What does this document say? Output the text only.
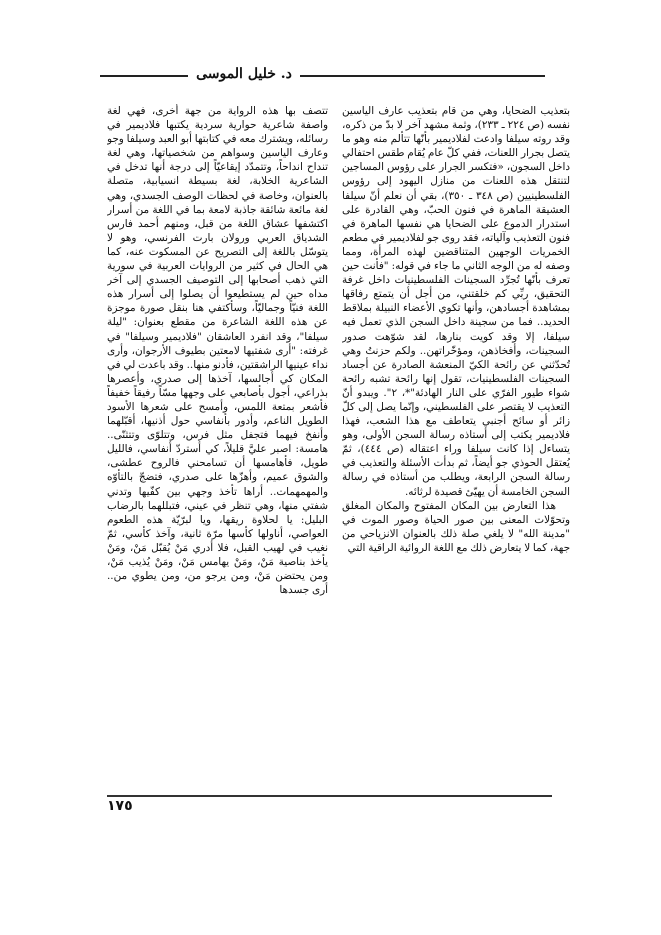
د. خليل الموسى

بتعذيب الضحايا، وهي من قام بتعذيب عارف الياسين نفسه (ص ٢٢٤ ـ ٢٣٣)، وثمة مشهد آخر لا بدّ من ذكره، وقد روته سيلفا وادعت لفلاديمير بأنّها تتألم منه وهو ما يتصل بجرار اللعنات، ففي كلّ عام يُقام طقس احتفالي داخل السجون، «فتكسر الجرار على رؤوس المساجين لتنتقل هذه اللعنات من منازل اليهود إلى رؤوس الفلسطينيين (ص ٣٤٨ ـ ٣٥٠)، بقي أن نعلم أنّ سيلفا العشيقة الماهرة في فنون الحبّ، وهي القادرة على استدرار الدموع على الضحايا هي نفسها الماهرة في فنون التعذيب وآلياته، فقد روى جو لفلاديمير في مطعم الخمريات الوجهين المتناقضين لهذه المرأة، ومما وصفه له من الوجه الثاني ما جاء في قوله: "فأنت حين تعرف بأنّها تُجرِّد السجينات الفلسطينيات داخل غرفة التحقيق، ربِّي كم خلقتني، من أجل أن يتمتع رفاقها بمشاهدة أجسادهن، وأنها تكوي الأعضاء النبيلة بملاقط الحديد.. فما من سجينة داخل السجن الذي تعمل فيه سيلفا، إلا وقد كويت بنارها، لقد شوّهت صدور السجينات، وأفخاذهن، ومؤخّراتهن.. ولكم حزنتُ وهي تُحدّثني عن رائحة الكيّ المنعشة الصادرة عن أجساد السجينات الفلسطينيات، تقول إنها رائحة تشبه رائحة شواء طيور الفرّي على النار الهادئة"*، ٢". ويبدو أنّ التعذيب لا يقتصر على الفلسطيني، وإنّما يصل إلى كلّ زائر أو سائح أجنبي يتعاطف مع هذا الشعب، فهذا فلاديمير يكتب إلى أستاذه رسالة السجن الأولى، وهو يتساءل إذا كانت سيلفا وراء اعتقاله (ص ٤٤٤)، ثمّ يُعتقل الحوذي جو أيضاً، ثم بدأت الأسئلة والتعذيب في رسالة السجن الرابعة، ويطلب من أستاذه في رسالة السجن الخامسة أن يهيّئ قصيدة لرثائه.

هذا التعارض بين المكان المفتوح والمكان المغلق وتحوّلات المعنى بين صور الحياة وصور الموت في "مدينة الله" لا يلغي صلة ذلك بالعنوان الانزياحي من جهة، كما لا يتعارض ذلك مع اللغة الروائية الراقية التي

تتصف بها هذه الرواية من جهة أخرى، فهي لغة واصفة شاعرية حوارية سردية يكتبها فلاديمير في رسائله، ويشترك معه في كتابتها أبو العبد وسيلفا وجو وعارف الياسين وسواهم من شخصياتها، وهي لغة تنداح انداحاً، وتتمدّد إيقاعيّاً إلى درجة أنها تدخل في الشاعرية الخلابة، لغة بسيطة انسيابية، متصلة بالعنوان، وخاصة في لحظات الوصف الجسدي، وهي لغة مائعة شائقة جاذبة لامعة بما في اللغة من أسرار اكتشفها عشاق اللغة من قبل، ومنهم أحمد فارس الشدياق العربي ورولان بارت الفرنسي، وهو لا يتوسّل باللغة إلى التصريح عن المسكوت عنه، كما هي الحال في كثير من الروايات العربية في سورية التي ذهب أصحابها إلى التوصيف الجسدي إلى آخر مداه حين لم يستطيعوا أن يصلوا إلى أسرار هذه اللغة فنيّاً وجماليّاً، وسأكتفي هنا بنقل صورة موجزة عن هذه اللغة الشاعرة من مقطع بعنوان: "ليلة سيلفا"، وقد انفرد العاشقان "فلاديمير وسيلفا" في غرفته: "أرى شفتيها لامعتين بطيوف الأرجوان، وأرى نداء عينيها الراشقتين، فأدنو منها.. وقد باعدت لي في المكان كي أجالسها، آخذها إلى صدري، وأعصرها بذراعي، أجول بأصابعي على وجهها مسّاً رفيقاً خفيفاً فأشعر بمتعة اللمس، وأمسح على شعرها الأسود الطويل الناعم، وأدور بأنفاسي حول أذنيها، أقبّلهما وأنفخ فيهما فتجفل مثل فرس، وتتلوّى وتتثنّى.. هامسة: اصبر عليَّ قليلاً، كي أستردّ أنفاسي، فالليل طويل، فأهامسها أن تسامحني فالروح عطشى، والشوق عميم، وأهزّها على صدري، فتضجّ بالتأوّه والمهمهمات.. أراها تأخذ وجهي بين كفّيها وتدني شفتي منها، وهي تنظر في عيني، فتبللهما بالرضاب البليل: يا لحلاوة ريقها، ويا لبرّيّة هذه الطعوم العواصي، أناولها كأسها مرّة ثانية، وآخذ كأسي، ثمّ نغيب في لهيب القبل، فلا أدري مَنْ يُقبّل مَنْ، ومَنْ يأخذ بناصية مَنْ، ومَنْ يهامس مَنْ، ومَنْ يُذيب مَنْ، ومن يحتضن مَنْ، ومن يرجو من، ومن يطوي من.. أرى جسدها

١٧٥
